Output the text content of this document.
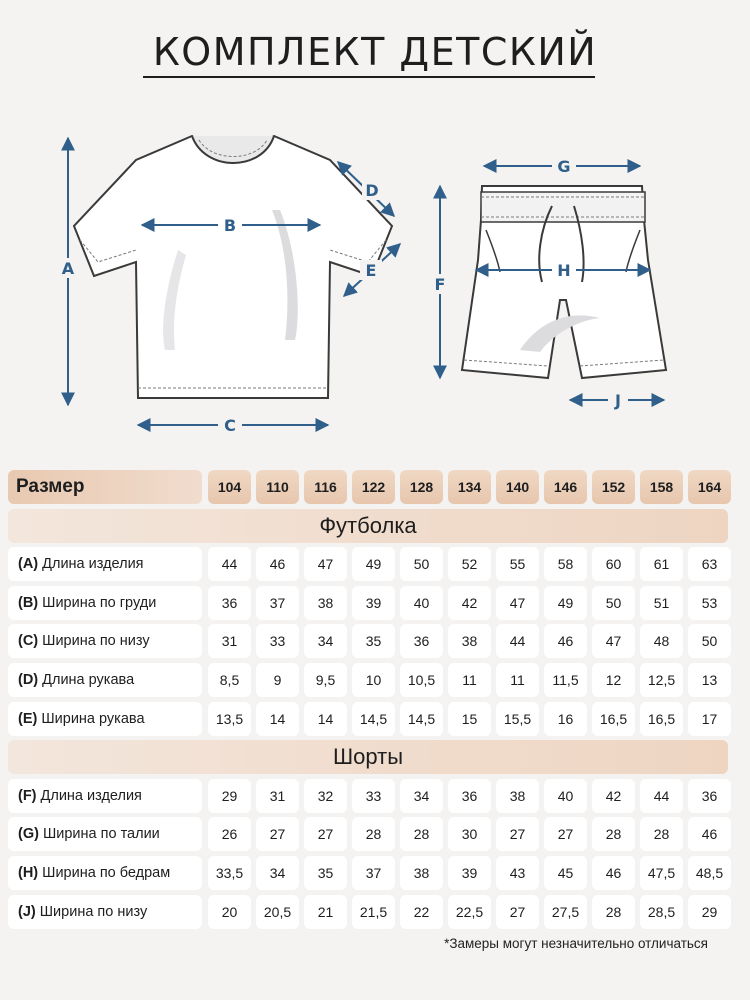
КОМПЛЕКТ ДЕТСКИЙ
A
B
C
D
E
F
G
H
J
Размер	104	110	116	122	128	134	140	146	152	158	164
Футболка
(A) Длина изделия	44	46	47	49	50	52	55	58	60	61	63
(B) Ширина по груди	36	37	38	39	40	42	47	49	50	51	53
(C) Ширина по низу	31	33	34	35	36	38	44	46	47	48	50
(D) Длина рукава	8,5	9	9,5	10	10,5	11	11	11,5	12	12,5	13
(E) Ширина рукава	13,5	14	14	14,5	14,5	15	15,5	16	16,5	16,5	17
Шорты
(F) Длина изделия	29	31	32	33	34	36	38	40	42	44	36
(G) Ширина по талии	26	27	27	28	28	30	27	27	28	28	46
(H) Ширина по бедрам	33,5	34	35	37	38	39	43	45	46	47,5	48,5
(J) Ширина по низу	20	20,5	21	21,5	22	22,5	27	27,5	28	28,5	29
*Замеры могут незначительно отличаться
